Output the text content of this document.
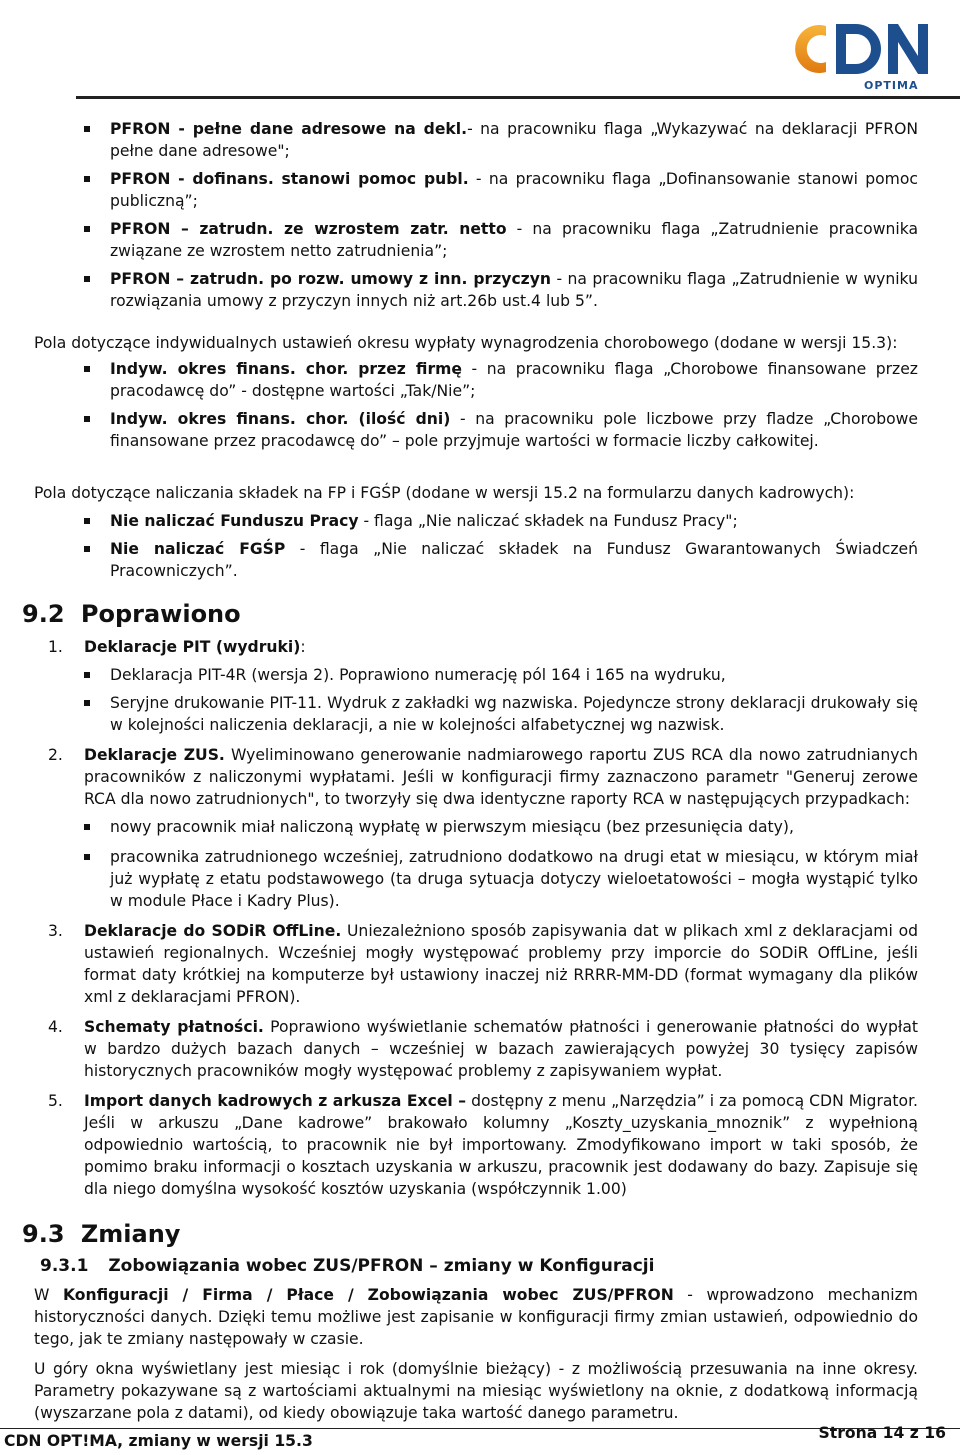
OPTIMA
PFRON - pełne dane adresowe na dekl.- na pracowniku flaga „Wykazywać na deklaracji PFRON pełne dane adresowe";
PFRON - dofinans. stanowi pomoc publ. - na pracowniku flaga „Dofinansowanie stanowi pomoc publiczną”;
PFRON – zatrudn. ze wzrostem zatr. netto - na pracowniku flaga „Zatrudnienie pracownika związane ze wzrostem netto zatrudnienia”;
PFRON – zatrudn. po rozw. umowy z inn. przyczyn - na pracowniku flaga „Zatrudnienie w wyniku rozwiązania umowy z przyczyn innych niż art.26b ust.4 lub 5”.
Pola dotyczące indywidualnych ustawień okresu wypłaty wynagrodzenia chorobowego (dodane w wersji 15.3):
Indyw. okres finans. chor. przez firmę - na pracowniku flaga „Chorobowe finansowane przez pracodawcę do” - dostępne wartości „Tak/Nie”;
Indyw. okres finans. chor. (ilość dni) - na pracowniku pole liczbowe przy fladze „Chorobowe finansowane przez pracodawcę do” – pole przyjmuje wartości w formacie liczby całkowitej.
Pola dotyczące naliczania składek na FP i FGŚP (dodane w wersji 15.2 na formularzu danych kadrowych):
Nie naliczać Funduszu Pracy - flaga „Nie naliczać składek na Fundusz Pracy";
Nie naliczać FGŚP - flaga „Nie naliczać składek na Fundusz Gwarantowanych Świadczeń Pracowniczych”.
9.2 Poprawiono
1. Deklaracje PIT (wydruki):
Deklaracja PIT-4R (wersja 2). Poprawiono numerację pól 164 i 165 na wydruku,
Seryjne drukowanie PIT-11. Wydruk z zakładki wg nazwiska. Pojedyncze strony deklaracji drukowały się w kolejności naliczenia deklaracji, a nie w kolejności alfabetycznej wg nazwisk.
2. Deklaracje ZUS. Wyeliminowano generowanie nadmiarowego raportu ZUS RCA dla nowo zatrudnianych pracowników z naliczonymi wypłatami. Jeśli w konfiguracji firmy zaznaczono parametr "Generuj zerowe RCA dla nowo zatrudnionych", to tworzyły się dwa identyczne raporty RCA w następujących przypadkach:
nowy pracownik miał naliczoną wypłatę w pierwszym miesiącu (bez przesunięcia daty),
pracownika zatrudnionego wcześniej, zatrudniono dodatkowo na drugi etat w miesiącu, w którym miał już wypłatę z etatu podstawowego (ta druga sytuacja dotyczy wieloetatowości – mogła wystąpić tylko w module Płace i Kadry Plus).
3. Deklaracje do SODiR OffLine. Uniezależniono sposób zapisywania dat w plikach xml z deklaracjami od ustawień regionalnych. Wcześniej mogły występować problemy przy imporcie do SODiR OffLine, jeśli format daty krótkiej na komputerze był ustawiony inaczej niż RRRR-MM-DD (format wymagany dla plików xml z deklaracjami PFRON).
4. Schematy płatności. Poprawiono wyświetlanie schematów płatności i generowanie płatności do wypłat w bardzo dużych bazach danych – wcześniej w bazach zawierających powyżej 30 tysięcy zapisów historycznych pracowników mogły występować problemy z zapisywaniem wypłat.
5. Import danych kadrowych z arkusza Excel – dostępny z menu „Narzędzia” i za pomocą CDN Migrator. Jeśli w arkuszu „Dane kadrowe” brakowało kolumny „Koszty_uzyskania_mnoznik” z wypełnioną odpowiednio wartością, to pracownik nie był importowany. Zmodyfikowano import w taki sposób, że pomimo braku informacji o kosztach uzyskania w arkuszu, pracownik jest dodawany do bazy. Zapisuje się dla niego domyślna wysokość kosztów uzyskania (współczynnik 1.00)
9.3 Zmiany
9.3.1 Zobowiązania wobec ZUS/PFRON – zmiany w Konfiguracji
W Konfiguracji / Firma / Płace / Zobowiązania wobec ZUS/PFRON - wprowadzono mechanizm historyczności danych. Dzięki temu możliwe jest zapisanie w konfiguracji firmy zmian ustawień, odpowiednio do tego, jak te zmiany następowały w czasie.
U góry okna wyświetlany jest miesiąc i rok (domyślnie bieżący) - z możliwością przesuwania na inne okresy. Parametry pokazywane są z wartościami aktualnymi na miesiąc wyświetlony na oknie, z dodatkową informacją (wyszarzane pola z datami), od kiedy obowiązuje taka wartość danego parametru.
CDN OPT!MA, zmiany w wersji 15.3	Strona 14 z 16
